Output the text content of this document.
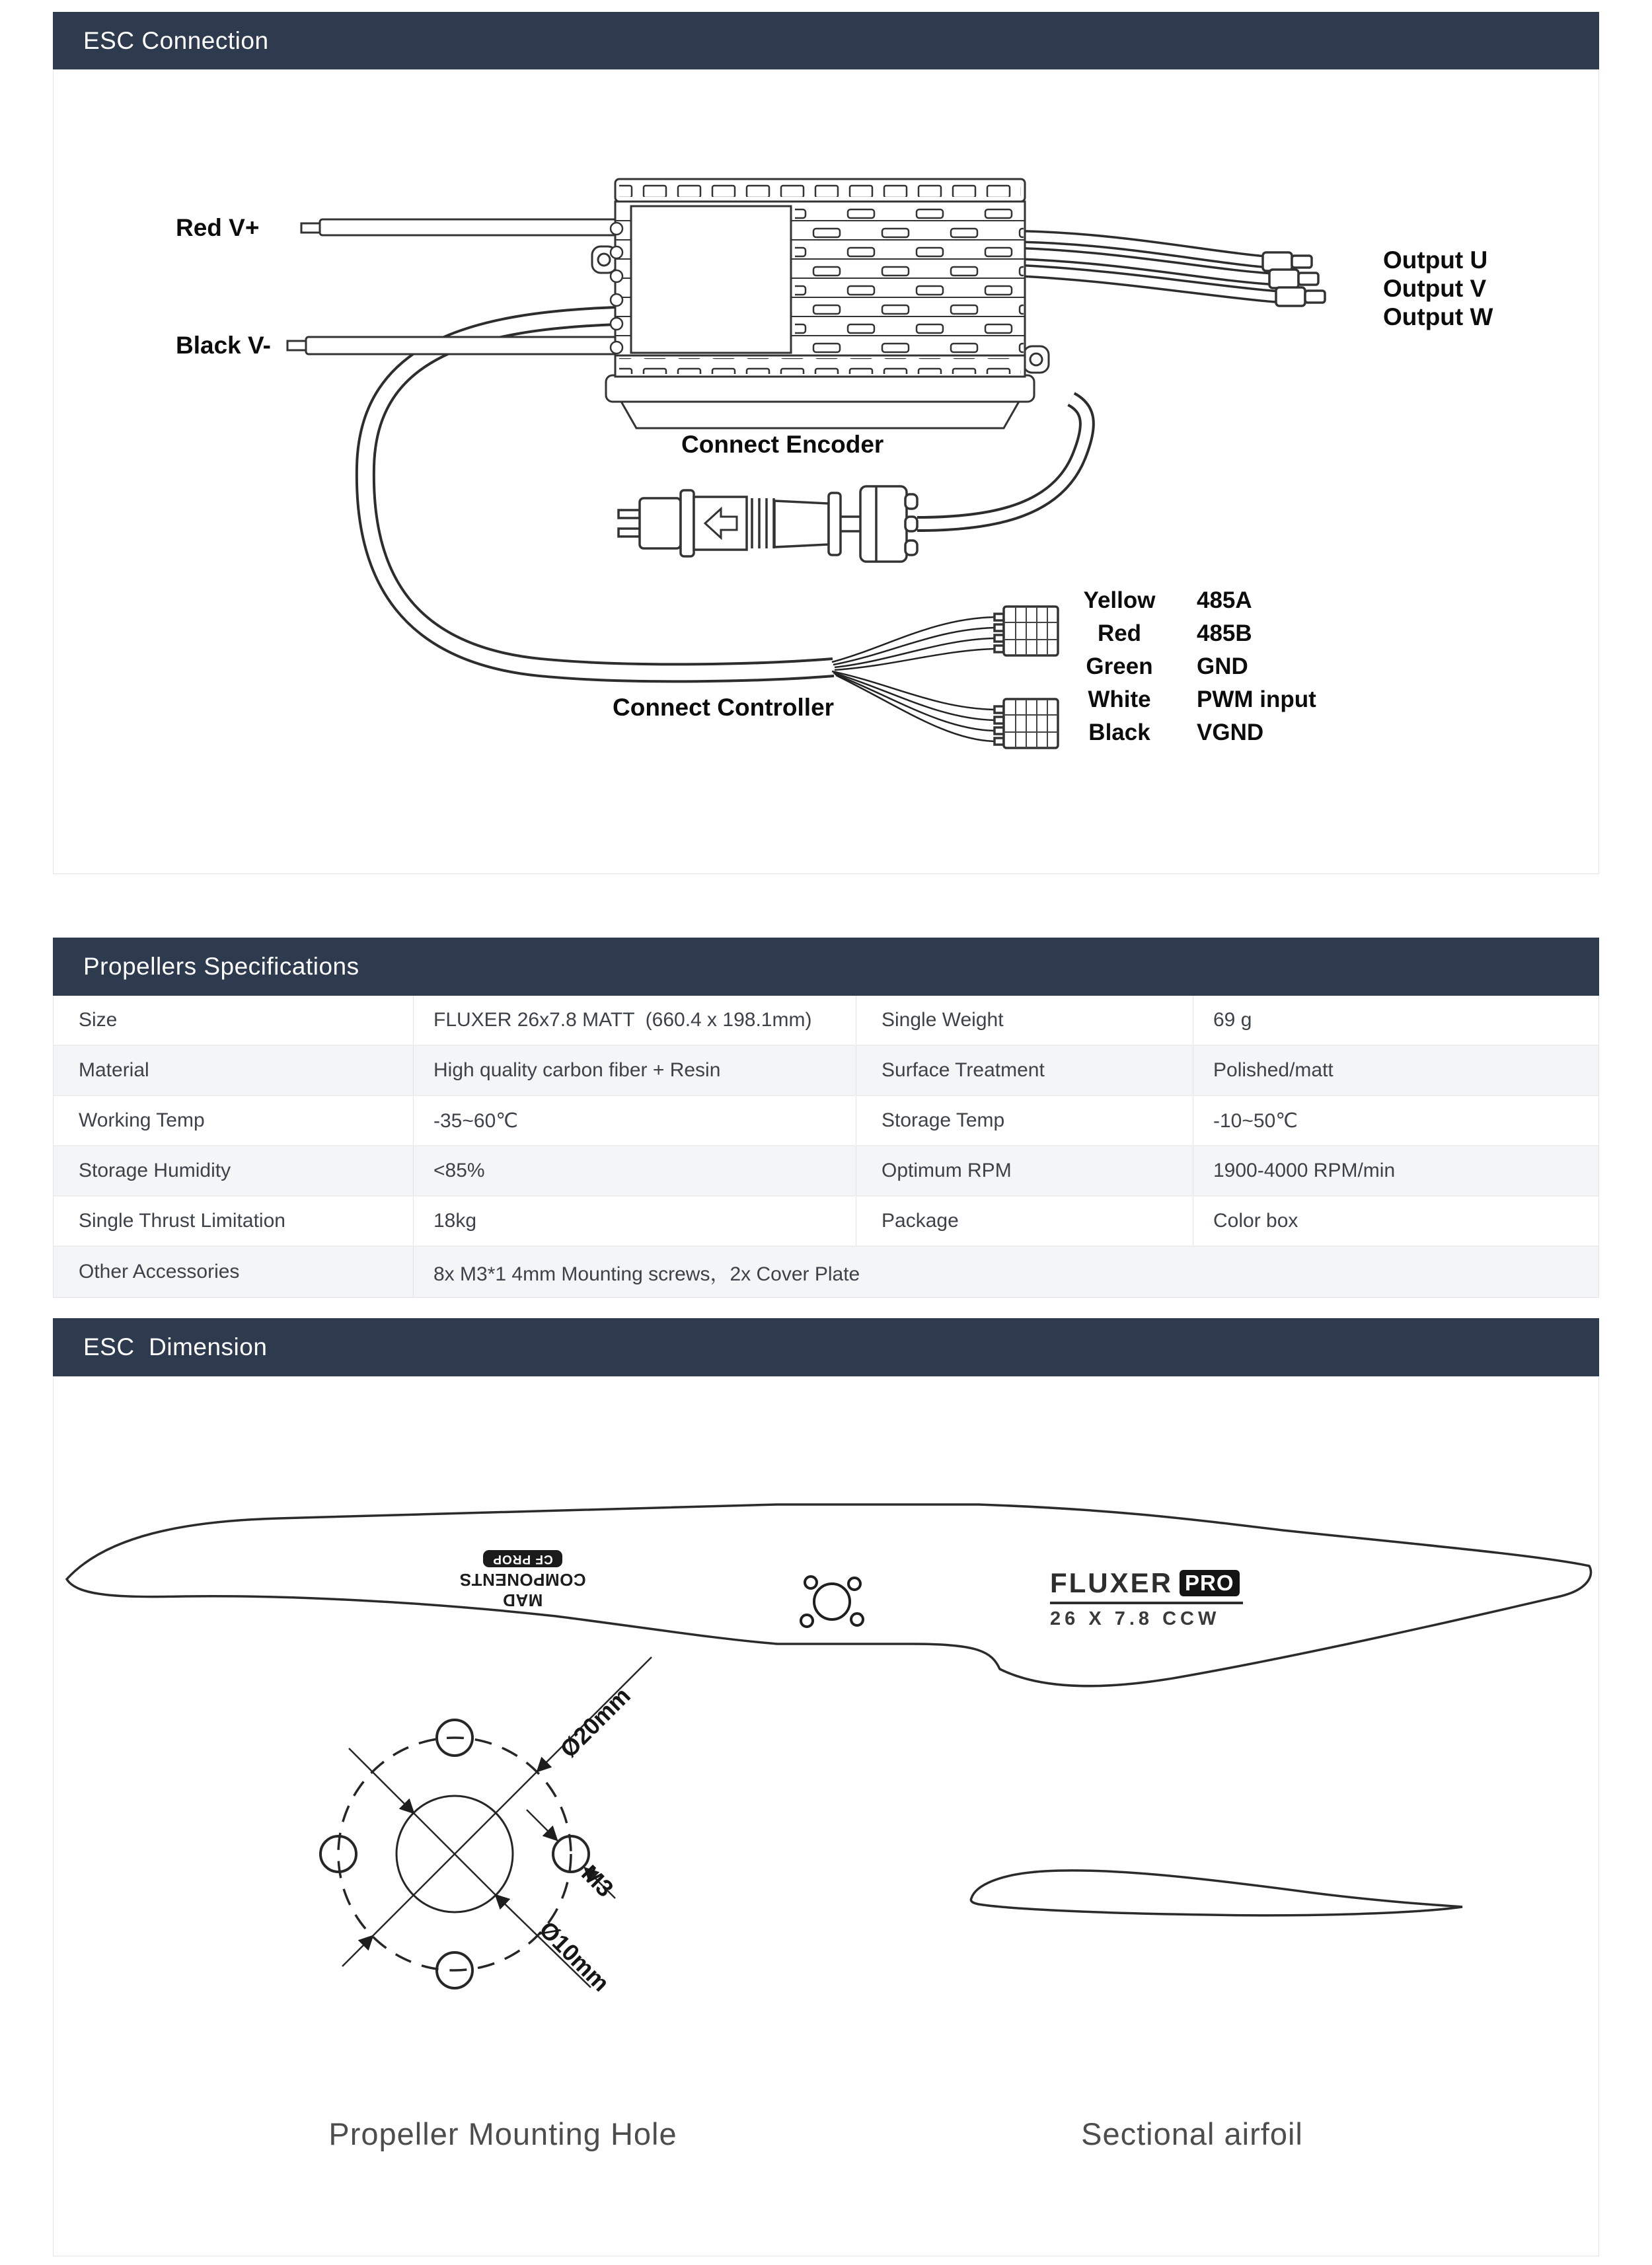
ESC Connection
Red V+
Black V-
Output U
Output V
Output W
Connect Encoder
Connect Controller
Yellow	485A
Red	485B
Green	GND
White	PWM input
Black	VGND
Propellers Specifications
Size	FLUXER 26x7.8 MATT  (660.4 x 198.1mm)	Single Weight	69 g
Material	High quality carbon fiber + Resin	Surface Treatment	Polished/matt
Working Temp	-35~60℃	Storage Temp	-10~50℃
Storage Humidity	<85%	Optimum RPM	1900-4000 RPM/min
Single Thrust Limitation	18kg	Package	Color box
Other Accessories	8x M3*1 4mm Mounting screws，2x Cover Plate
ESC  Dimension
MAD COMPONENTS
CF PROP
FLUXER PRO
26 X 7.8 CCW
Ø20mm
M3
Ø10mm
Propeller Mounting Hole	Sectional airfoil
